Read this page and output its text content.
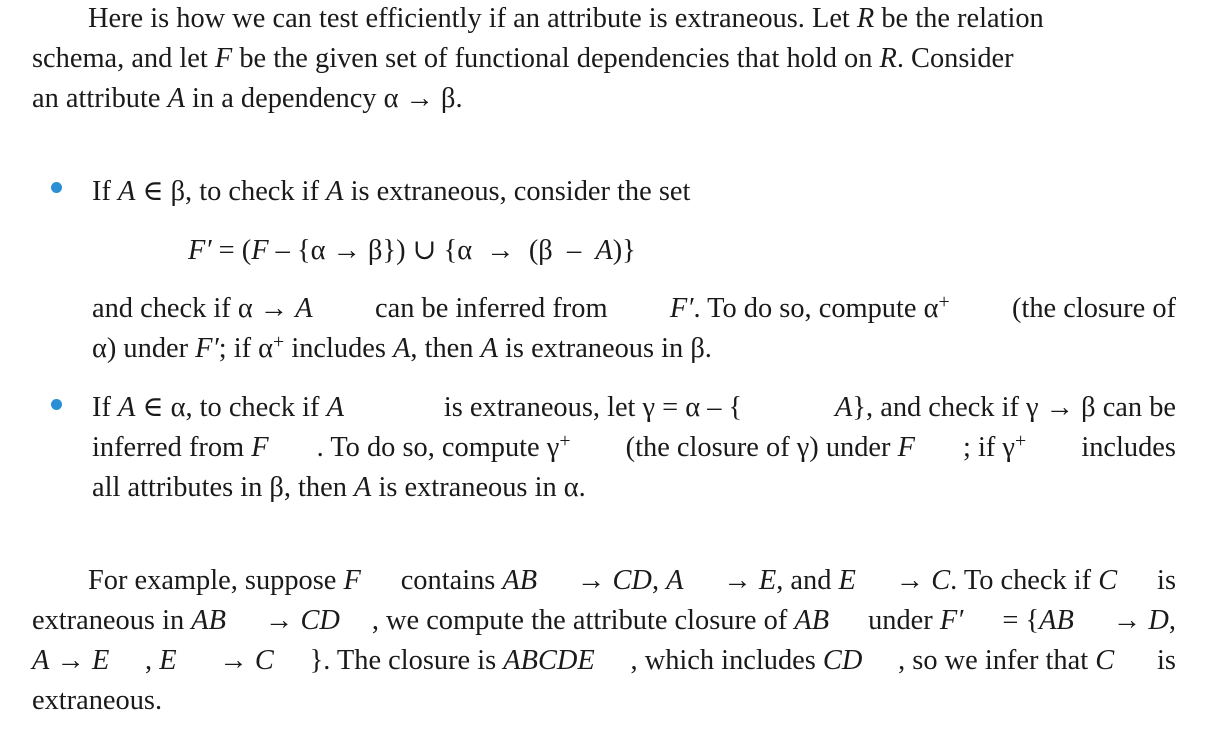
Here is how we can test efficiently if an attribute is extraneous. Let R be the relation
schema, and let F be the given set of functional dependencies that hold on R. Consider
an attribute A in a dependency α → β.
If A ∈ β, to check if A is extraneous, consider the set
F′ = (F – {α → β}) ∪ {α  →  (β  –  A)}
and check if α → A can be inferred from F′. To do so, compute α+ (the closure of
α) under F′; if α+ includes A, then A is extraneous in β.
If A ∈ α, to check if A	is extraneous, let γ = α – {	A}, and check if γ → β can be
inferred from F . To do so, compute γ+ (the closure of γ) under F ; if γ+ includes
all attributes in β, then A is extraneous in α.
For example, suppose F contains AB → CD, A → E, and E → C. To check if C is
extraneous in AB → CD , we compute the attribute closure of AB under F′ = {AB → D,
A → E , E → C }. The closure is ABCDE , which includes CD , so we infer that C is
extraneous.
